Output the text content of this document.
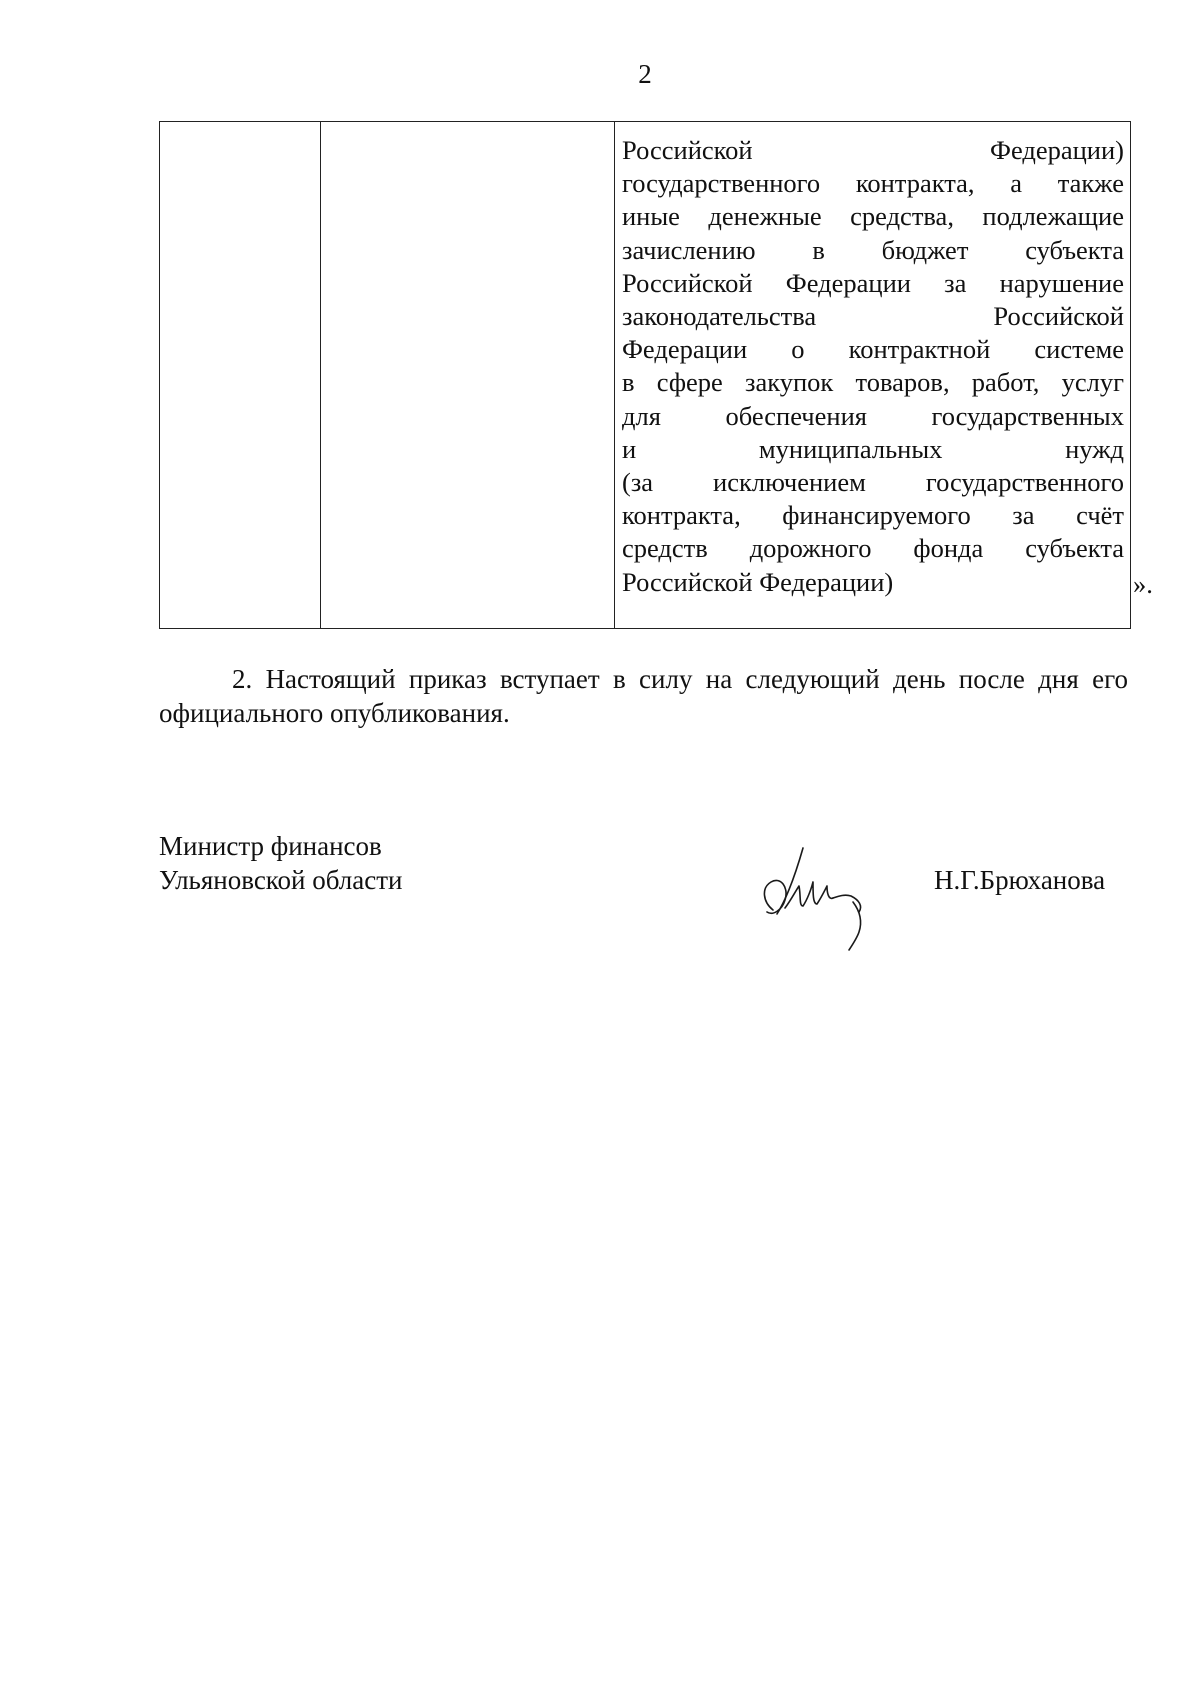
2

Российской Федерации)
государственного контракта, а также
иные денежные средства, подлежащие
зачислению в бюджет субъекта
Российской Федерации за нарушение
законодательства Российской
Федерации о контрактной системе
в сфере закупок товаров, работ, услуг
для обеспечения государственных
и муниципальных нужд
(за исключением государственного
контракта, финансируемого за счёт
средств дорожного фонда субъекта
Российской Федерации)	».
2. Настоящий приказ вступает в силу на следующий день после дня его
официального опубликования.
Министр финансов
Ульяновской области	Н.Г.Брюханова
